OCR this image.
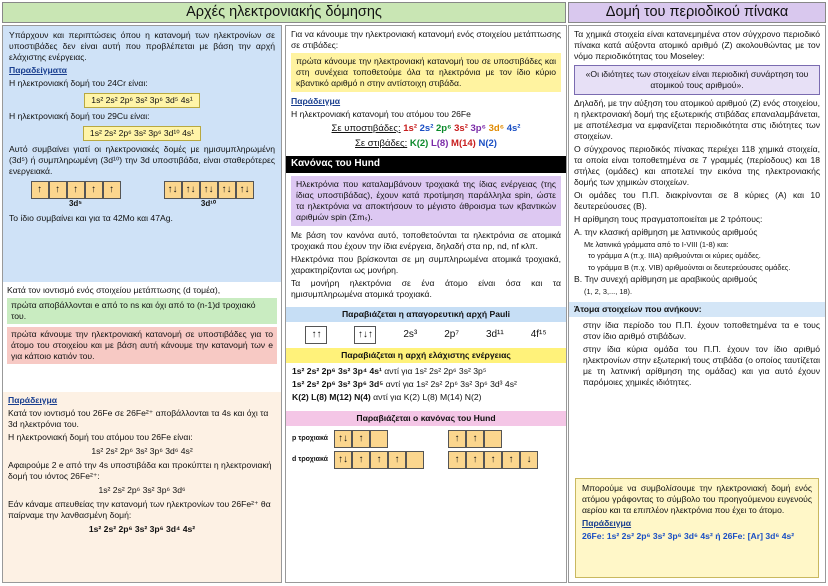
Αρχές ηλεκτρονιακής δόμησης	Δομή του περιοδικού πίνακα

Υπάρχουν και περιπτώσεις όπου η κατανομή των ηλεκτρονίων σε υποστιβάδες δεν είναι αυτή που προβλέπεται με βάση την αρχή ελάχιστης ενέργειας.

Παραδείγματα

Η ηλεκτρονιακή δομή του 24Cr είναι:

1s² 2s² 2p⁶ 3s² 3p⁶ 3d⁵ 4s¹

Η ηλεκτρονιακή δομή του 29Cu είναι:

1s² 2s² 2p⁶ 3s² 3p⁶ 3d¹⁰ 4s¹

Αυτό συμβαίνει γιατί οι ηλεκτρονιακές δομές με ημισυμπληρωμένη (3d⁵) ή συμπληρωμένη (3d¹⁰) την 3d υποστιβάδα, είναι σταθερότερες ενεργειακά.

↑	↑	↑	↑	↑
3d⁵
↑↓ ↑↓ ↑↓ ↑↓ ↑↓
3d¹⁰

Το ίδιο συμβαίνει και για τα 42Mo και 47Ag.

Κατά τον ιοντισμό ενός στοιχείου μετάπτωσης (d τομέα),

πρώτα αποβάλλονται e από το ns και όχι από το (n-1)d τροχιακό του.
πρώτα κάνουμε την ηλεκτρονιακή κατανομή σε υποστιβάδες για το άτομο του στοιχείου και με βάση αυτή κάνουμε την κατανομή των e για κάποιο κατιόν του.

Παράδειγμα

Κατά τον ιοντισμό του 26Fe σε 26Fe²⁺ αποβάλλονται τα 4s και όχι τα 3d ηλεκτρόνια του.

Η ηλεκτρονιακή δομή του ατόμου του 26Fe είναι:

1s² 2s² 2p⁶ 3s² 3p⁶ 3d⁶ 4s²

Αφαιρούμε 2 e από την 4s υποστιβάδα και προκύπτει η ηλεκτρονιακή δομή του ιόντος 26Fe²⁺:

1s² 2s² 2p⁶ 3s² 3p⁶ 3d⁶

Εάν κάναμε απευθείας την κατανομή των ηλεκτρονίων του 26Fe²⁺ θα παίρναμε την λανθασμένη δομή:

1s² 2s² 2p⁶ 3s² 3p⁶ 3d⁴ 4s²

Για να κάνουμε την ηλεκτρονιακή κατανομή ενός στοιχείου μετάπτωσης σε στιβάδες:

πρώτα κάνουμε την ηλεκτρονιακή κατανομή του σε υποστιβάδες και στη συνέχεια τοποθετούμε όλα τα ηλεκτρόνια με τον ίδιο κύριο κβαντικό αριθμό n στην αντίστοιχη στιβάδα.

Παράδειγμα

Η ηλεκτρονιακή κατανομή του ατόμου του 26Fe

Σε υποστιβάδες: 1s² 2s² 2p⁶ 3s² 3p⁶ 3d⁶ 4s²

Σε στιβάδες: K(2) L(8) M(14) N(2)

Κανόνας του Hund
Ηλεκτρόνια που καταλαμβάνουν τροχιακά της ίδιας ενέργειας (της ίδιας υποστιβάδας), έχουν κατά προτίμηση παράλληλα spin, ώστε τα ηλεκτρόνια να αποκτήσουν το μέγιστο άθροισμα των κβαντικών αριθμών spin (Σmₛ).

Με βάση τον κανόνα αυτό, τοποθετούνται τα ηλεκτρόνια σε ατομικά τροχιακά που έχουν την ίδια ενέργεια, δηλαδή στα np, nd, nf κλπ.

Ηλεκτρόνια που βρίσκονται σε μη συμπληρωμένα ατομικά τροχιακά, χαρακτηρίζονται ως μονήρη.

Τα μονήρη ηλεκτρόνια σε ένα άτομο είναι όσα και τα ημισυμπληρωμένα ατομικά τροχιακά.

Παραβιάζεται η απαγορευτική αρχή Pauli
↑↑	↑↓↑	2s³	2p⁷	3d¹¹	4f¹⁵
Παραβιάζεται η αρχή ελάχιστης ενέργειας

1s² 2s² 2p⁶ 3s² 3p⁴ 4s¹ αντί για 1s² 2s² 2p⁶ 3s² 3p⁵

1s² 2s² 2p⁶ 3s² 3p⁶ 3d⁵ αντί για 1s² 2s² 2p⁶ 3s² 3p⁶ 3d³ 4s²

K(2) L(8) M(12) N(4) αντί για K(2) L(8) M(14) N(2)

Παραβιάζεται ο κανόνας του Hund
p τροχιακά	↑↓	↑	↑	↑
d τροχιακά	↑↓	↑	↑	↑	↑	↑	↑	↑	↓

Τα χημικά στοιχεία είναι κατανεμημένα στον σύγχρονο περιοδικό πίνακα κατά αύξοντα ατομικό αριθμό (Z) ακολουθώντας με τον νόμο περιοδικότητας του Moseley:

«Οι ιδιότητες των στοιχείων είναι περιοδική συνάρτηση του ατομικού τους αριθμού».

Δηλαδή, με την αύξηση του ατομικού αριθμού (Z) ενός στοιχείου, η ηλεκτρονιακή δομή της εξωτερικής στιβάδας επαναλαμβάνεται, με αποτέλεσμα να εμφανίζεται περιοδικότητα στις ιδιότητες των στοιχείων.

Ο σύγχρονος περιοδικός πίνακας περιέχει 118 χημικά στοιχεία, τα οποία είναι τοποθετημένα σε 7 γραμμές (περίοδους) και 18 στήλες (ομάδες) και αποτελεί την εικόνα της ηλεκτρονιακής δομής των χημικών στοιχείων.

Οι ομάδες του Π.Π. διακρίνονται σε 8 κύριες (A) και 10 δευτερεύουσες (B).

Η αρίθμηση τους πραγματοποιείται με 2 τρόπους:

A. την κλασική αρίθμηση με λατινικούς αριθμούς

Με λατινικά γράμματα από το I-VIII (1-8) και:

το γράμμα A (π.χ. IIIA) αριθμούνται οι κύριες ομάδες.

το γράμμα B (π.χ. VIB) αριθμούνται οι δευτερεύουσες ομάδες.

B. Την συνεχή αρίθμηση με αραβικούς αριθμούς

(1, 2, 3,..., 18).

Άτομα στοιχείων που ανήκουν:

στην ίδια περίοδο του Π.Π. έχουν τοποθετημένα τα e τους στον ίδιο αριθμό στιβάδων.

στην ίδια κύρια ομάδα του Π.Π. έχουν τον ίδιο αριθμό ηλεκτρονίων στην εξωτερική τους στιβάδα (ο οποίος ταυτίζεται με τη λατινική αρίθμηση της ομάδας) και για αυτό έχουν παρόμοιες χημικές ιδιότητες.

Μπορούμε να συμβολίσουμε την ηλεκτρονιακή δομή ενός ατόμου γράφοντας το σύμβολο του προηγούμενου ευγενούς αερίου και τα επιπλέον ηλεκτρόνια που έχει το άτομο.

Παράδειγμα

26Fe: 1s² 2s² 2p⁶ 3s² 3p⁶ 3d⁶ 4s² ή 26Fe: [Ar] 3d⁶ 4s²
